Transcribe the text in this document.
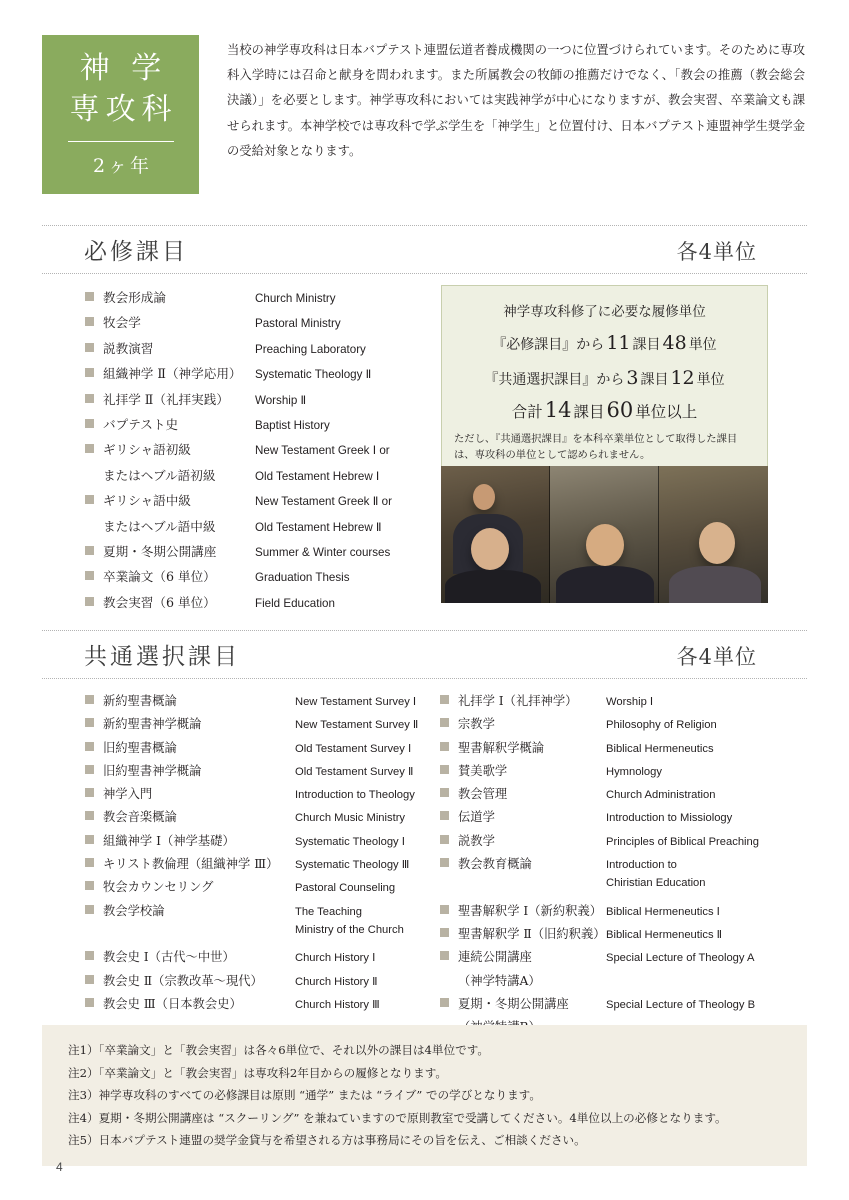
神 学
専攻科
2ヶ年
当校の神学専攻科は日本バプテスト連盟伝道者養成機関の一つに位置づけられています。そのために専攻科入学時には召命と献身を問われます。また所属教会の牧師の推薦だけでなく、「教会の推薦（教会総会決議）」を必要とします。神学専攻科においては実践神学が中心になりますが、教会実習、卒業論文も課せられます。本神学校では専攻科で学ぶ学生を「神学生」と位置付け、日本バプテスト連盟神学生奨学金の受給対象となります。
必修課目	各4単位
教会形成論	Church Ministry
牧会学	Pastoral Ministry
説教演習	Preaching Laboratory
組織神学 Ⅱ（神学応用）	Systematic Theology Ⅱ
礼拝学 Ⅱ（礼拝実践）	Worship Ⅱ
バプテスト史	Baptist History
ギリシャ語初級	New Testament Greek Ⅰ or
またはヘブル語初級	Old Testament Hebrew Ⅰ
ギリシャ語中級	New Testament Greek Ⅱ or
またはヘブル語中級	Old Testament Hebrew Ⅱ
夏期・冬期公開講座	Summer & Winter courses
卒業論文（6 単位）	Graduation Thesis
教会実習（6 単位）	Field Education
神学専攻科修了に必要な履修単位
『必修課目』から 11 課目 48 単位
『共通選択課目』から 3 課目 12 単位
合計14 課目60 単位以上
ただし、『共通選択課目』を本科卒業単位として取得した課目は、専攻科の単位として認められません。
共通選択課目	各4単位
新約聖書概論	New Testament Survey Ⅰ
新約聖書神学概論	New Testament Survey Ⅱ
旧約聖書概論	Old Testament Survey Ⅰ
旧約聖書神学概論	Old Testament Survey Ⅱ
神学入門	Introduction to Theology
教会音楽概論	Church Music Ministry
組織神学 Ⅰ（神学基礎）	Systematic Theology Ⅰ
キリスト教倫理（組織神学 Ⅲ）	Systematic Theology Ⅲ
牧会カウンセリング	Pastoral Counseling
教会学校論	The Teaching
Ministry of the Church
教会史 Ⅰ（古代〜中世）	Church History Ⅰ
教会史 Ⅱ（宗教改革〜現代）	Church History Ⅱ
教会史 Ⅲ（日本教会史）	Church History Ⅲ
礼拝学 Ⅰ（礼拝神学）	Worship Ⅰ
宗教学	Philosophy of Religion
聖書解釈学概論	Biblical Hermeneutics
賛美歌学	Hymnology
教会管理	Church Administration
伝道学	Introduction to Missiology
説教学	Principles of Biblical Preaching
教会教育概論	Introduction to
Chiristian Education
聖書解釈学 Ⅰ（新約釈義） Biblical Hermeneutics Ⅰ
聖書解釈学 Ⅱ（旧約釈義） Biblical Hermeneutics Ⅱ
連続公開講座	Special Lecture of Theology A
（神学特講A）
夏期・冬期公開講座	Special Lecture of Theology B
注1）「卒業論文」と「教会実習」は各々6単位で、それ以外の課目は4単位です。
注2）「卒業論文」と「教会実習」は専攻科2年目からの履修となります。
注3）神学専攻科のすべての必修課目は原則 “通学” または “ライブ” での学びとなります。
注4）夏期・冬期公開講座は “スクーリング” を兼ねていますので原則教室で受講してください。4単位以上の必修となります。
注5）日本バプテスト連盟の奨学金貸与を希望される方は事務局にその旨を伝え、ご相談ください。
4
